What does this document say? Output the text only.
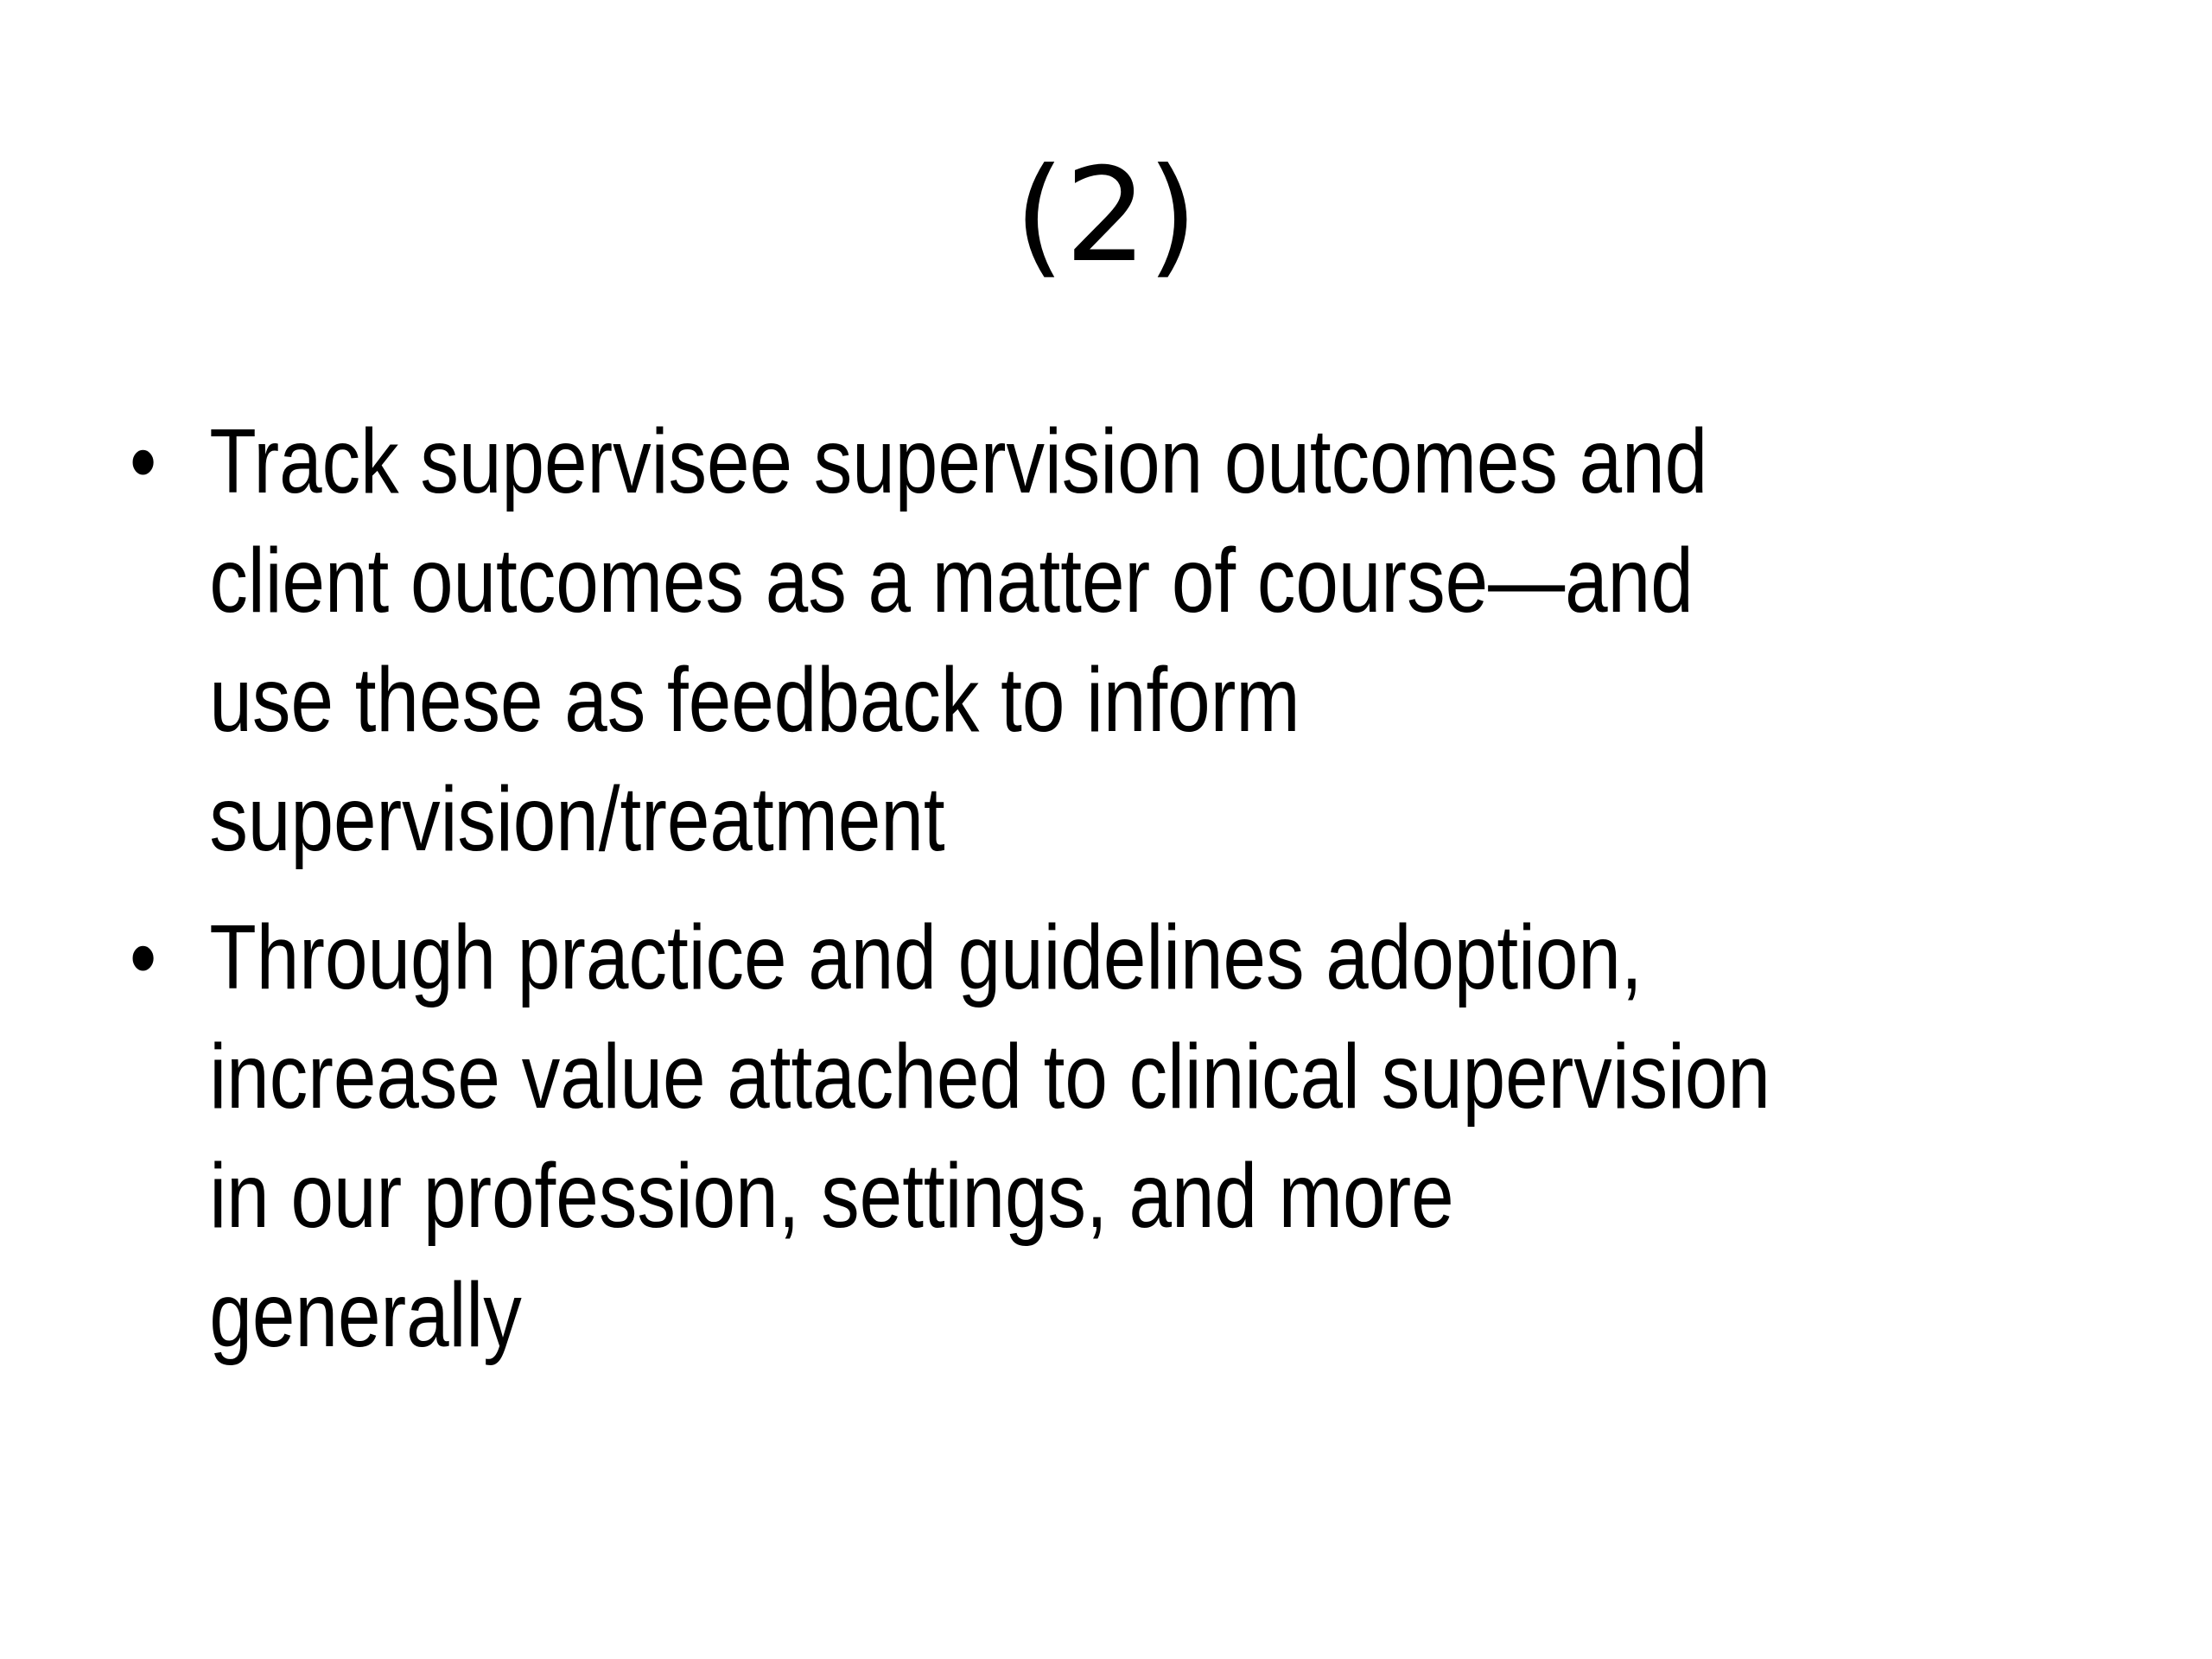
(2)
• Track supervisee supervision outcomes and client outcomes as a matter of course—and use these as feedback to inform supervision/treatment
• Through practice and guidelines adoption, increase value attached to clinical supervision in our profession, settings, and more generally
